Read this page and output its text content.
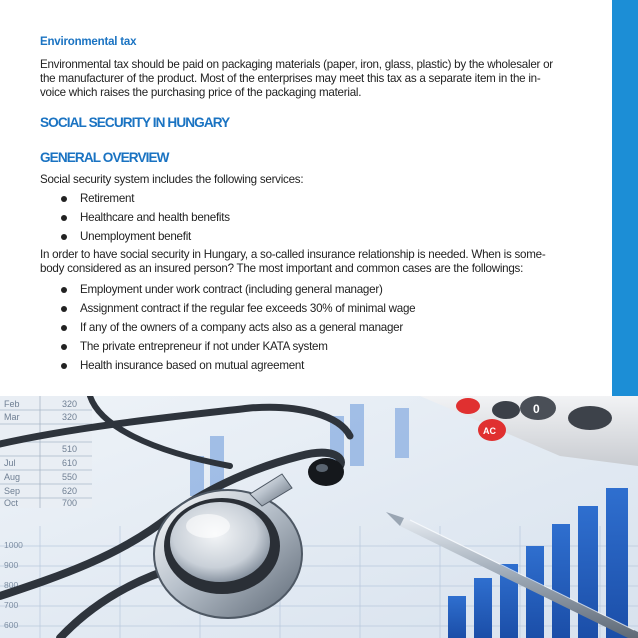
Environmental tax

Environmental tax should be paid on packaging materials (paper, iron, glass, plastic) by the wholesaler or
the manufacturer of the product. Most of the enterprises may meet this tax as a separate item in the in-
voice which raises the purchasing price of the packaging material.

SOCIAL SECURITY IN HUNGARY
GENERAL OVERVIEW

Social security system includes the following services:

Retirement
Healthcare and health benefits
Unemployment benefit

In order to have social security in Hungary, a so-called insurance relationship is needed. When is some-
body considered as an insured person? The most important and common cases are the followings:

Employment under work contract (including general manager)
Assignment contract if the regular fee exceeds 30% of minimal wage
If any of the owners of a company acts also as a general manager
The private entrepreneur if not under KATA system
Health insurance based on mutual agreement
Feb	320
Mar	320
510
Jul	610
Aug	550
Sep	620
Oct	700
1000
900
800
700
600
0
AC
